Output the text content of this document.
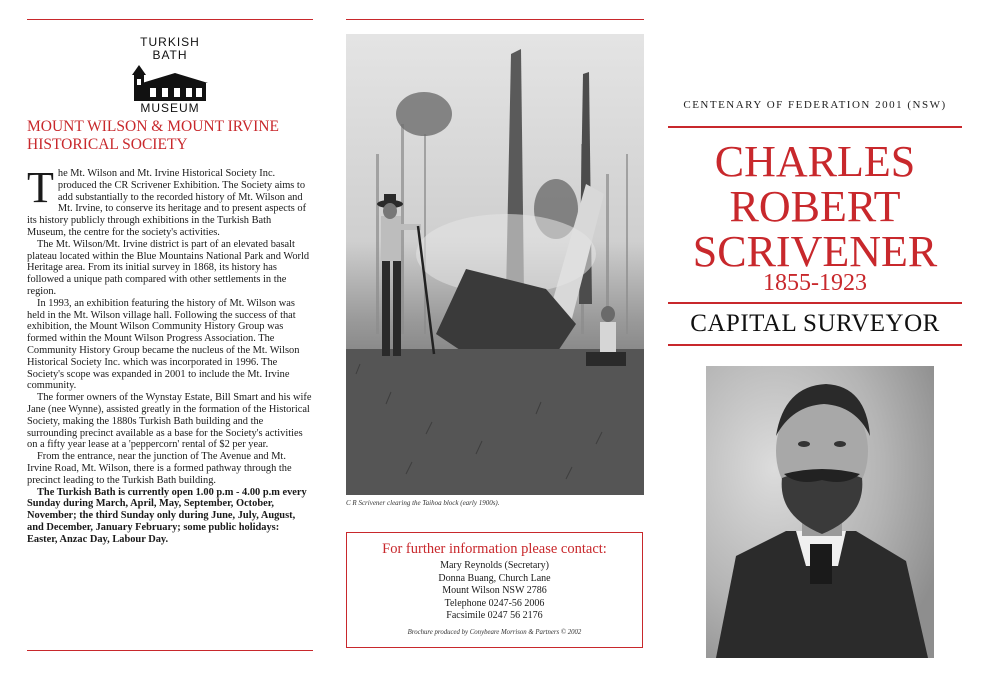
TURKISH
BATH
MUSEUM
MOUNT WILSON & MOUNT IRVINE
HISTORICAL SOCIETY

The Mt. Wilson and Mt. Irvine Historical Society Inc. produced the CR Scrivener Exhibition. The Society aims to add substantially to the recorded history of Mt. Wilson and Mt. Irvine, to conserve its heritage and to present aspects of its history publicly through exhibitions in the Turkish Bath Museum, the centre for the society's activities.

The Mt. Wilson/Mt. Irvine district is part of an elevated basalt plateau located within the Blue Mountains National Park and World Heritage area. From its initial survey in 1868, its history has followed a unique path compared with other settlements in the region.

In 1993, an exhibition featuring the history of Mt. Wilson was held in the Mt. Wilson village hall. Following the success of that exhibition, the Mount Wilson Community History Group was formed within the Mount Wilson Progress Association. The Community History Group became the nucleus of the Mt. Wilson Historical Society Inc. which was incorporated in 1996. The Society's scope was expanded in 2001 to include the Mt. Irvine community.

The former owners of the Wynstay Estate, Bill Smart and his wife Jane (nee Wynne), assisted greatly in the formation of the Historical Society, making the 1880s Turkish Bath building and the surrounding precinct available as a base for the Society's activities on a fifty year lease at a 'peppercorn' rental of $2 per year.

From the entrance, near the junction of The Avenue and Mt. Irvine Road, Mt. Wilson, there is a formed pathway through the precinct leading to the Turkish Bath building.

The Turkish Bath is currently open 1.00 p.m - 4.00 p.m every Sunday during March, April, May, September, October, November; the third Sunday only during June, July, August, and December, January February; some public holidays: Easter, Anzac Day, Labour Day.

C R Scrivener clearing the Taihoa block (early 1900s).
For further information please contact:
Mary Reynolds (Secretary)
Donna Buang, Church Lane
Mount Wilson NSW 2786
Telephone 0247-56 2006
Facsimile 0247 56 2176
Brochure produced by Conybeare Morrison & Partners © 2002
CENTENARY OF FEDERATION 2001 (NSW)
CHARLES
ROBERT
SCRIVENER
1855-1923
CAPITAL SURVEYOR
